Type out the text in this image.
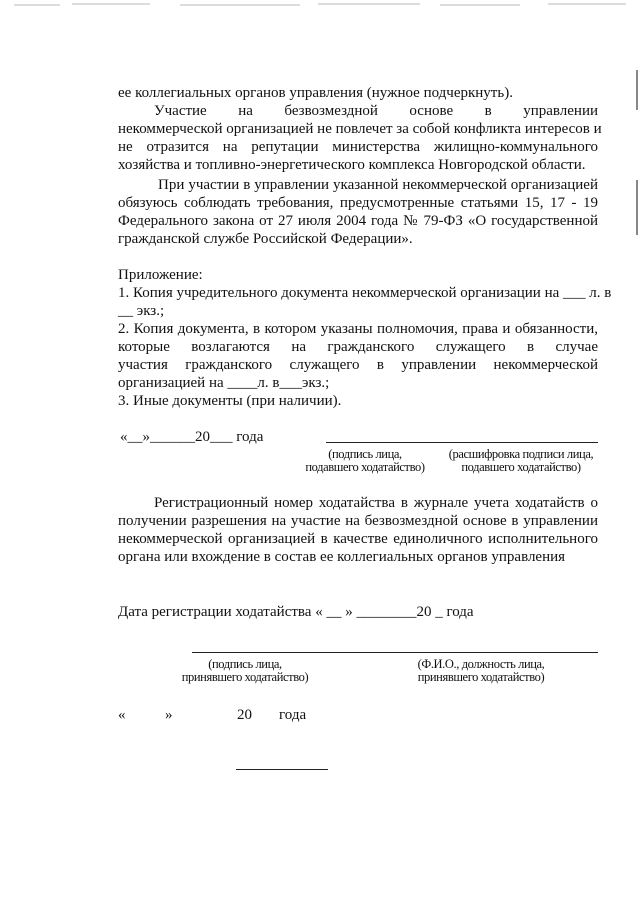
ее коллегиальных органов управления (нужное подчеркнуть).
Участие на безвозмездной основе в управлении
некоммерческой организацией не повлечет за собой конфликта интересов и
не отразится на репутации министерства жилищно-коммунального
хозяйства и топливно-энергетического комплекса Новгородской области.
При участии в управлении указанной некоммерческой организацией
обязуюсь соблюдать требования, предусмотренные статьями 15, 17 - 19
Федерального закона от 27 июля 2004 года № 79-ФЗ «О государственной
гражданской службе Российской Федерации».
Приложение:
1. Копия учредительного документа некоммерческой организации на ___ л. в
__ экз.;
2. Копия документа, в котором указаны полномочия, права и обязанности,
которые возлагаются на гражданского служащего в случае
участия гражданского служащего в управлении некоммерческой
организацией на ____л. в___экз.;
3. Иные документы (при наличии).
«__»______20___ года
(подпись лица,
подавшего ходатайство)
(расшифровка подписи лица,
подавшего ходатайство)
Регистрационный номер ходатайства в журнале учета ходатайств о
получении разрешения на участие на безвозмездной основе в управлении
некоммерческой организацией в качестве единоличного исполнительного
органа или вхождение в состав ее коллегиальных органов управления
Дата регистрации ходатайства « __ » ________20 _ года
(подпись лица,
принявшего ходатайство)
(Ф.И.О., должность лица,
принявшего ходатайство)
«	»	20 года
